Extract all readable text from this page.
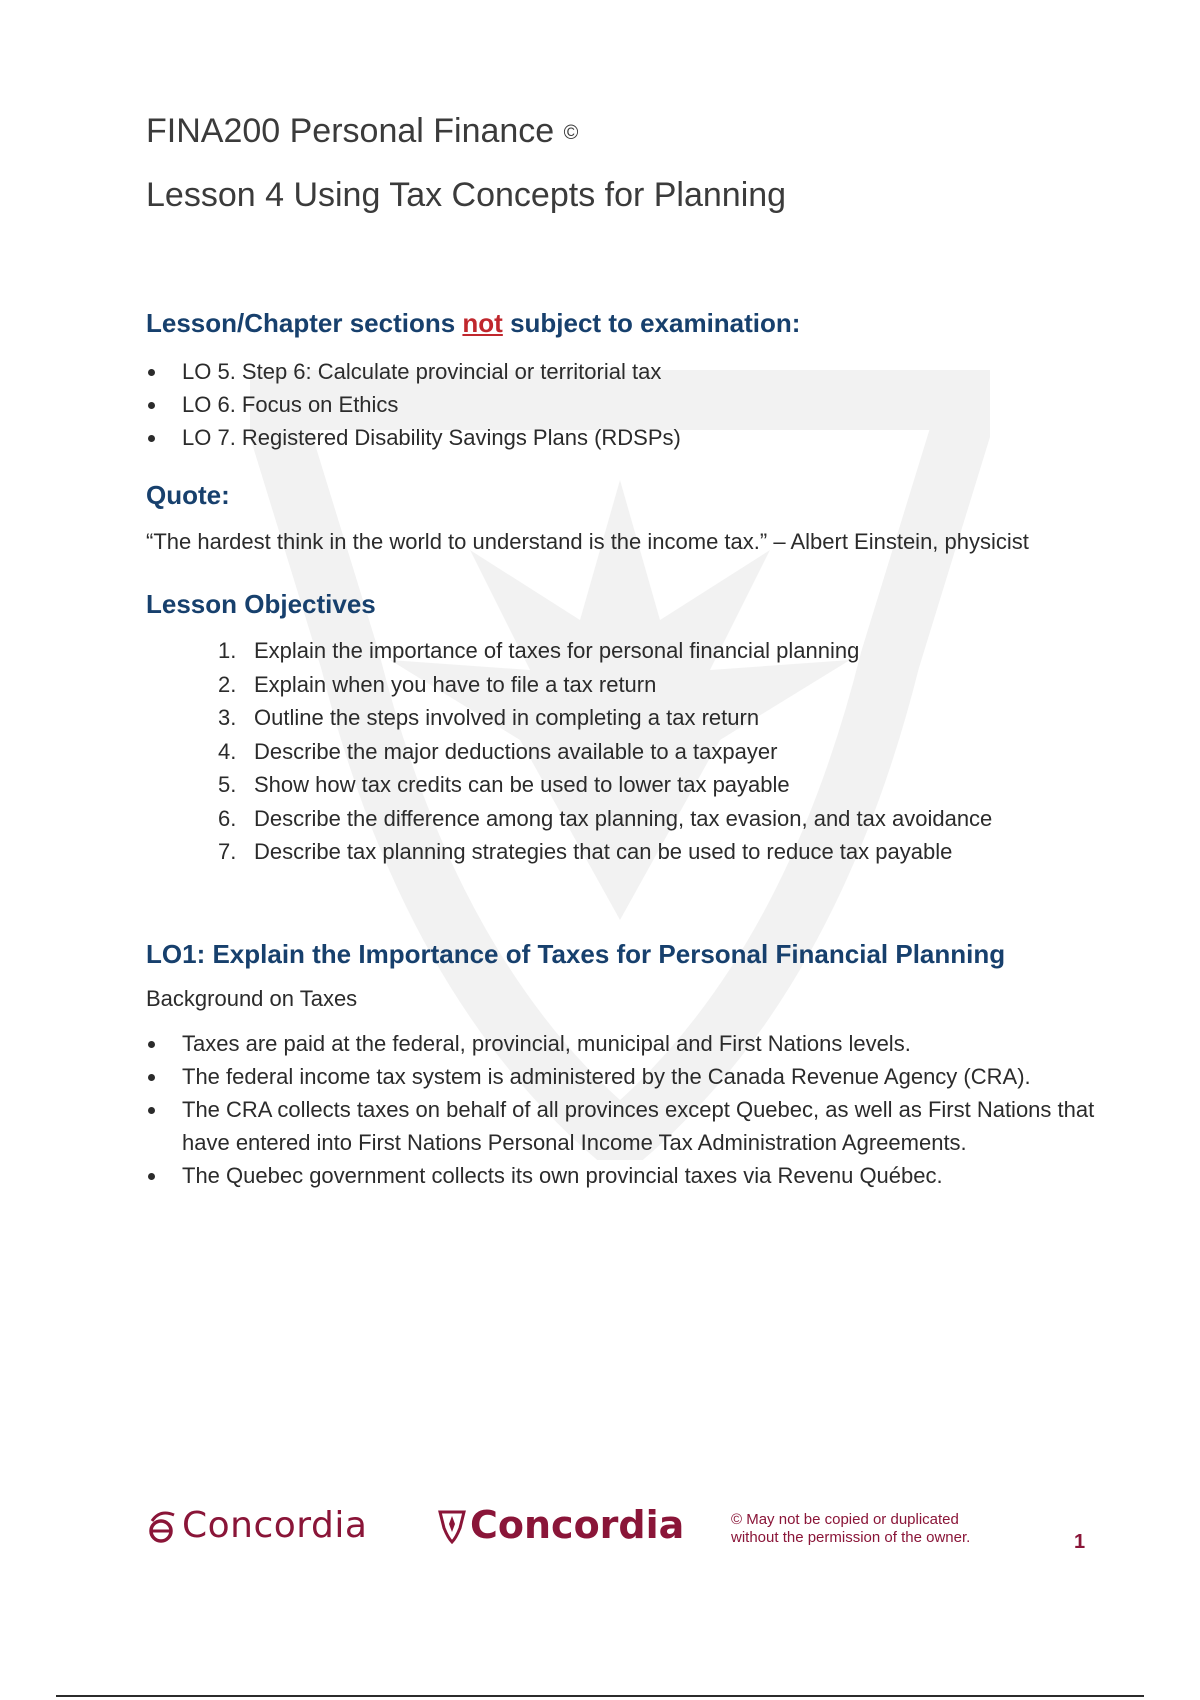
FINA200 Personal Finance ©

Lesson 4 Using Tax Concepts for Planning

Lesson/Chapter sections not subject to examination:
LO 5. Step 6: Calculate provincial or territorial tax
LO 6. Focus on Ethics
LO 7. Registered Disability Savings Plans (RDSPs)
Quote:

“The hardest think in the world to understand is the income tax.” – Albert Einstein, physicist

Lesson Objectives
1. Explain the importance of taxes for personal financial planning
2. Explain when you have to file a tax return
3. Outline the steps involved in completing a tax return
4. Describe the major deductions available to a taxpayer
5. Show how tax credits can be used to lower tax payable
6. Describe the difference among tax planning, tax evasion, and tax avoidance
7. Describe tax planning strategies that can be used to reduce tax payable
LO1: Explain the Importance of Taxes for Personal Financial Planning

Background on Taxes

Taxes are paid at the federal, provincial, municipal and First Nations levels.
The federal income tax system is administered by the Canada Revenue Agency (CRA).
The CRA collects taxes on behalf of all provinces except Quebec, as well as First Nations that have entered into First Nations Personal Income Tax Administration Agreements.
The Quebec government collects its own provincial taxes via Revenu Québec.
Concordia	Concordia	© May not be copied or duplicated without the permission of the owner.	1
